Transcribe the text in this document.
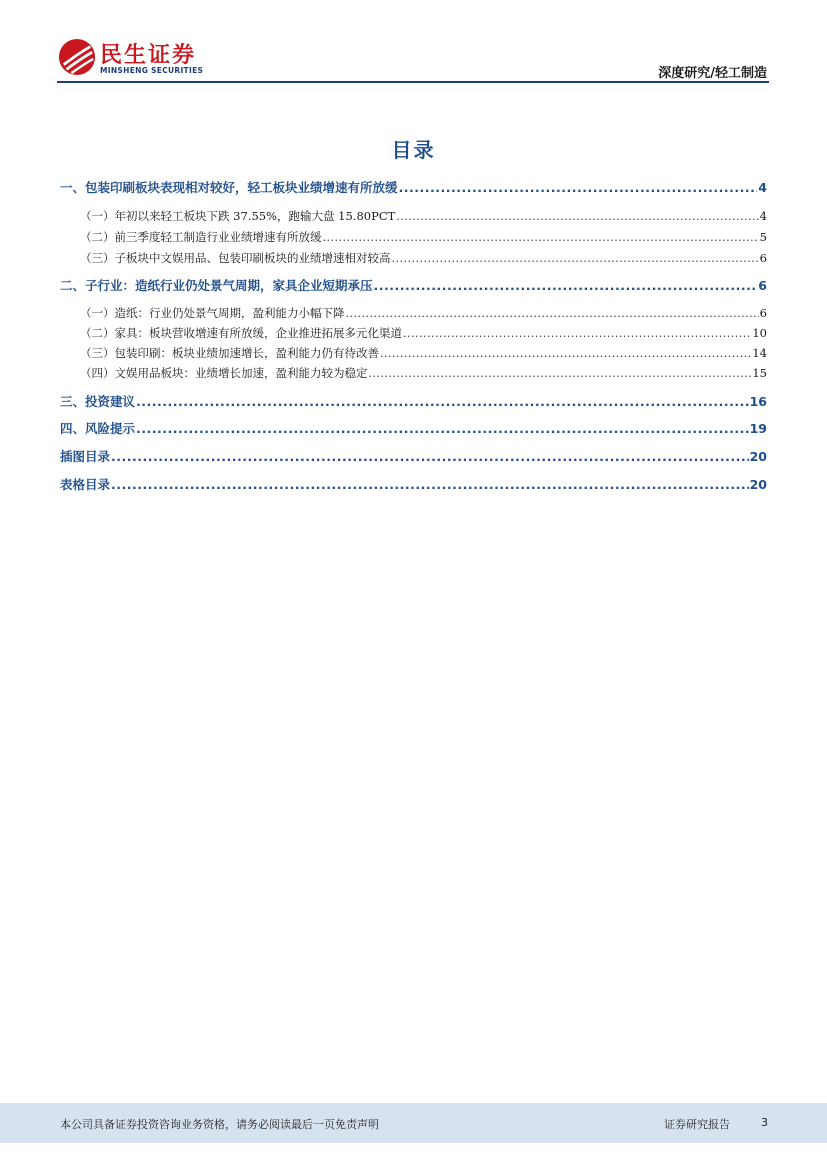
民生证券
MINSHENG SECURITIES	深度研究/轻工制造
目录
一、包装印刷板块表现相对较好，轻工板块业绩增速有所放缓 .....	4
（一）年初以来轻工板块下跌 37.55%，跑输大盘 15.80PCT .....	4
（二）前三季度轻工制造行业业绩增速有所放缓 .....	5
（三）子板块中文娱用品、包装印刷板块的业绩增速相对较高 .....	6
二、子行业：造纸行业仍处景气周期，家具企业短期承压 .....	6
（一）造纸：行业仍处景气周期，盈利能力小幅下降 .....	6
（二）家具：板块营收增速有所放缓，企业推进拓展多元化渠道 .....	10
（三）包装印刷：板块业绩加速增长，盈利能力仍有待改善 .....	14
（四）文娱用品板块：业绩增长加速，盈利能力较为稳定 .....	15
三、投资建议 .....	16
四、风险提示 .....	19
插图目录 .....	20
表格目录 .....	20
本公司具备证券投资咨询业务资格，请务必阅读最后一页免责声明	证券研究报告	3
